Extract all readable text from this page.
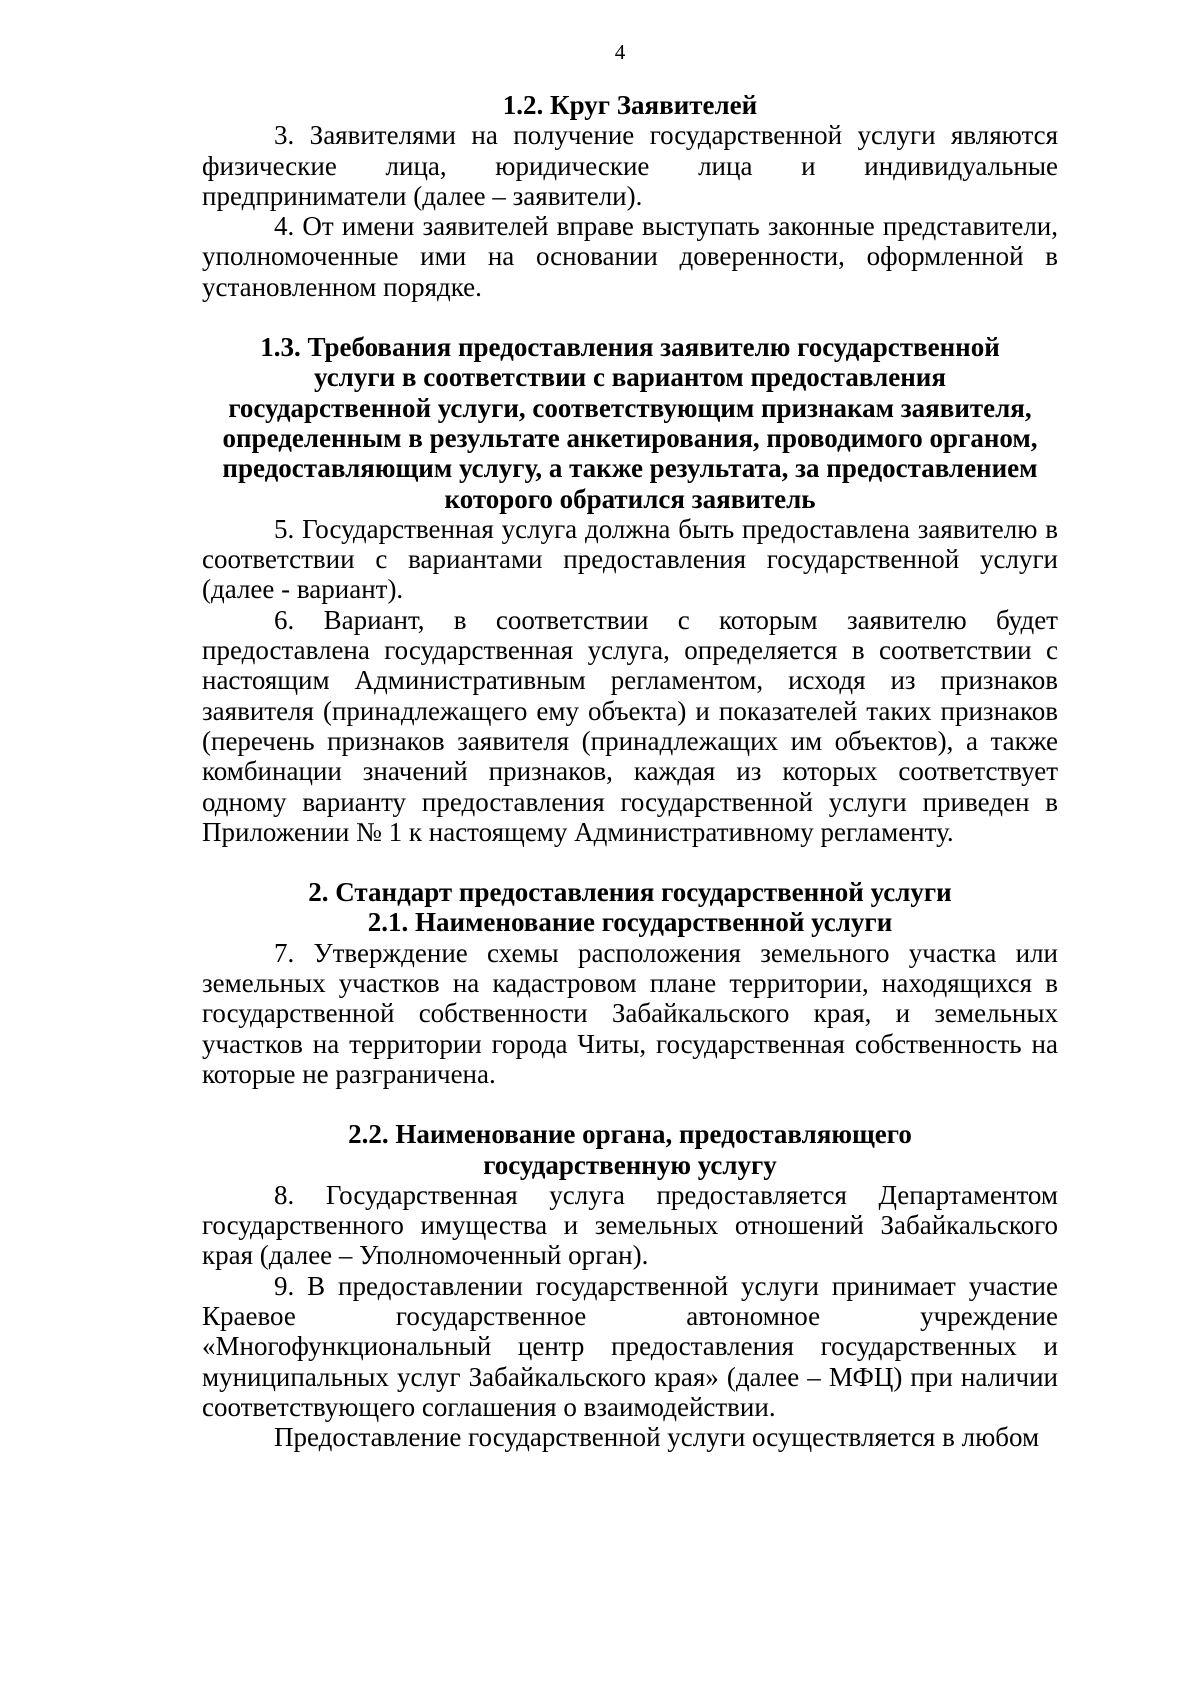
4
1.2. Круг Заявителей

3. Заявителями на получение государственной услуги являются физические лица, юридические лица и индивидуальные предприниматели (далее – заявители).

4. От имени заявителей вправе выступать законные представители, уполномоченные ими на основании доверенности, оформленной в установленном порядке.

1.3. Требования предоставления заявителю государственной услуги в соответствии с вариантом предоставления государственной услуги, соответствующим признакам заявителя, определенным в результате анкетирования, проводимого органом, предоставляющим услугу, а также результата, за предоставлением которого обратился заявитель

5. Государственная услуга должна быть предоставлена заявителю в соответствии с вариантами предоставления государственной услуги (далее - вариант).

6. Вариант, в соответствии с которым заявителю будет предоставлена государственная услуга, определяется в соответствии с настоящим Административным регламентом, исходя из признаков заявителя (принадлежащего ему объекта) и показателей таких признаков (перечень признаков заявителя (принадлежащих им объектов), а также комбинации значений признаков, каждая из которых соответствует одному варианту предоставления государственной услуги приведен в Приложении № 1 к настоящему Административному регламенту.

2. Стандарт предоставления государственной услуги
2.1. Наименование государственной услуги

7. Утверждение схемы расположения земельного участка или земельных участков на кадастровом плане территории, находящихся в государственной собственности Забайкальского края, и земельных участков на территории города Читы, государственная собственность на которые не разграничена.

2.2. Наименование органа, предоставляющего государственную услугу

8. Государственная услуга предоставляется Департаментом государственного имущества и земельных отношений Забайкальского края (далее – Уполномоченный орган).

9. В предоставлении государственной услуги принимает участие Краевое государственное автономное учреждение «Многофункциональный центр предоставления государственных и муниципальных услуг Забайкальского края» (далее – МФЦ) при наличии соответствующего соглашения о взаимодействии.

Предоставление государственной услуги осуществляется в любом
